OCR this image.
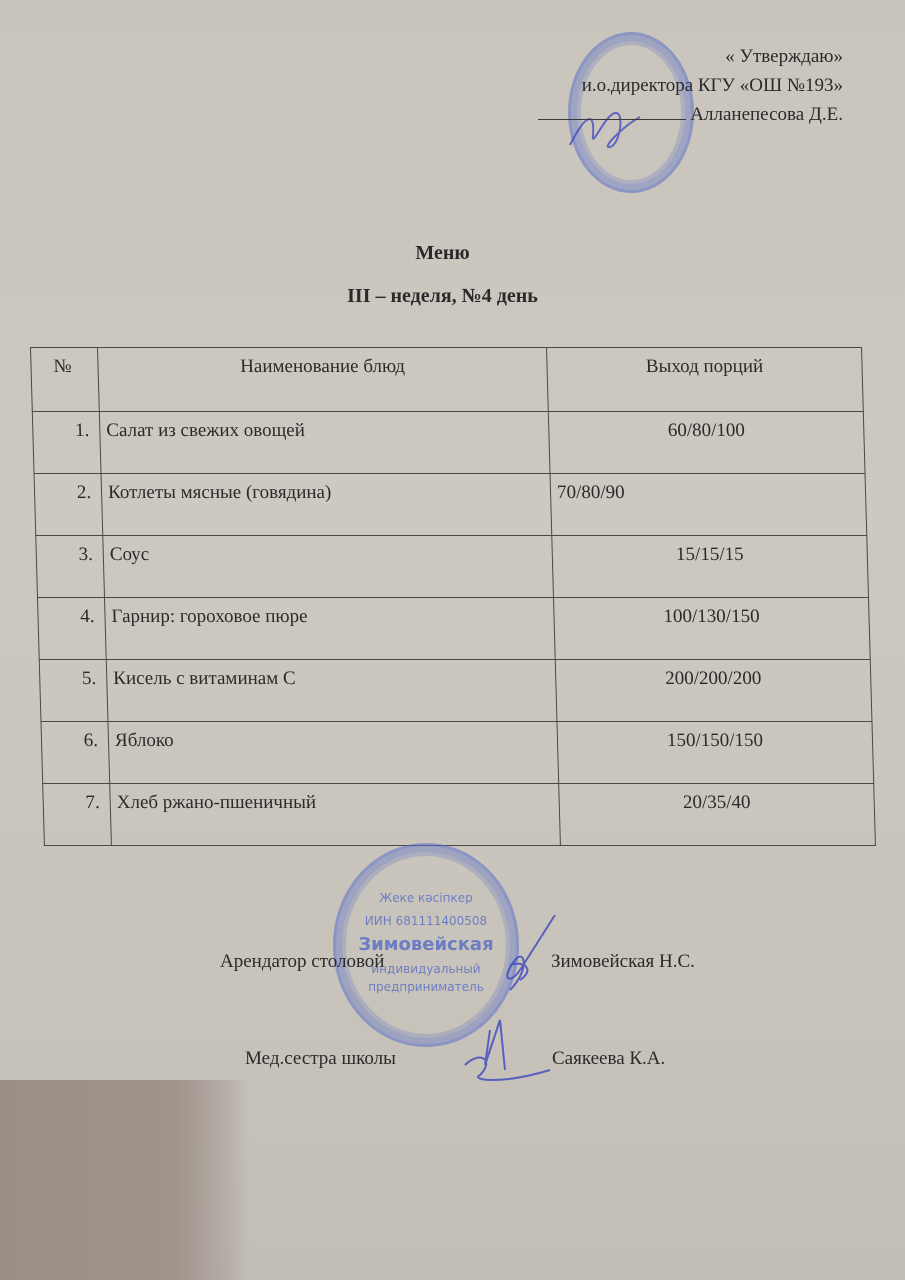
« Утверждаю»
и.о.директора КГУ «ОШ №193»
Алланепесова Д.Е.
Меню
III – неделя, №4 день
№	Наименование блюд	Выход порций
1.	Салат из свежих овощей	60/80/100
2.	Котлеты мясные (говядина)	70/80/90
3.	Соус	15/15/15
4.	Гарнир: гороховое пюре	100/130/150
5.	Кисель с витаминам С	200/200/200
6.	Яблоко	150/150/150
7.	Хлеб ржано-пшеничный	20/35/40
Жеке кәсіпкер
ИИН 681111400508
Зимовейская
индивидуальный
предприниматель
Арендатор столовой	Зимовейская Н.С.
Мед.сестра школы	Саякеева К.А.
